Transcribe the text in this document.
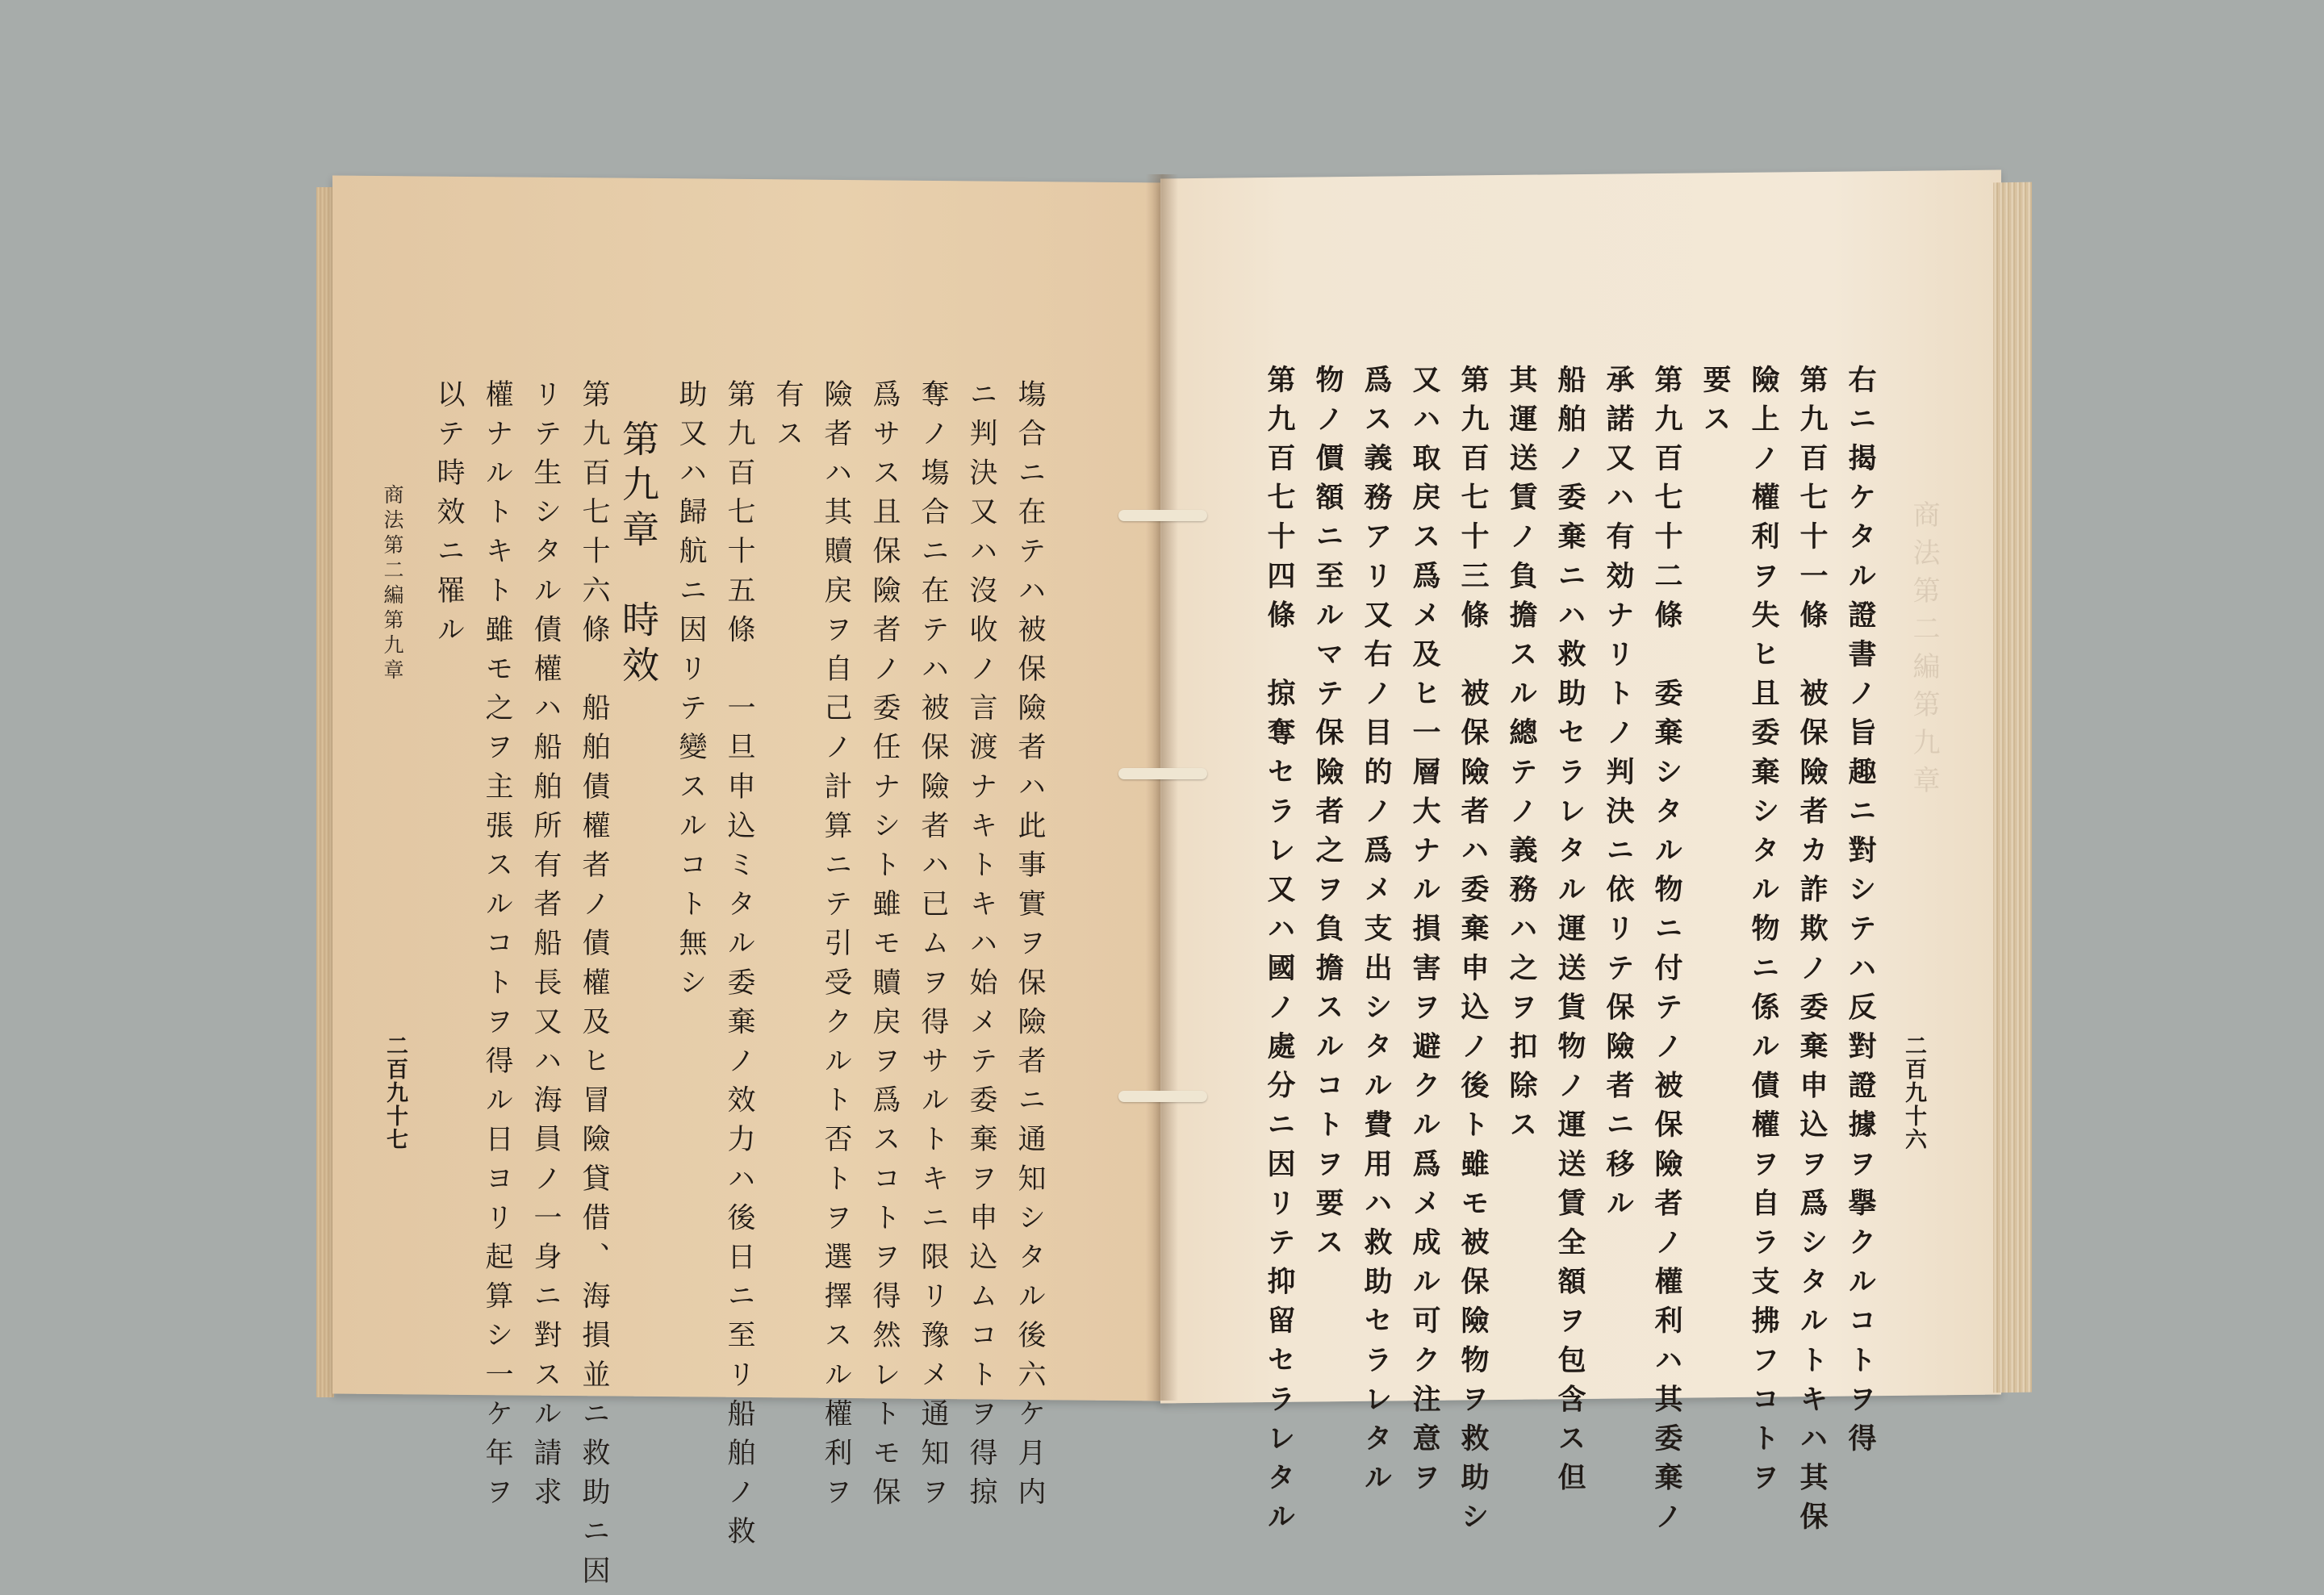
塲合ニ在テハ被保險者ハ此事實ヲ保險者ニ通知シタル後六ケ月内
ニ判決又ハ沒收ノ言渡ナキトキハ始メテ委棄ヲ申込ムコトヲ得掠
奪ノ塲合ニ在テハ被保險者ハ已ムヲ得サルトキニ限リ豫メ通知ヲ
爲サス且保險者ノ委任ナシト雖モ贖戻ヲ爲スコトヲ得然レトモ保
險者ハ其贖戻ヲ自己ノ計算ニテ引受クルト否トヲ選擇スル權利ヲ
有ス
第九百七十五條　一旦申込ミタル委棄ノ效力ハ後日ニ至リ船舶ノ救
助又ハ歸航ニ因リテ變スルコト無シ
第九章　時效
第九百七十六條　船舶債權者ノ債權及ヒ冒險貸借、海損並ニ救助ニ因
リテ生シタル債權ハ船舶所有者船長又ハ海員ノ一身ニ對スル請求
權ナルトキト雖モ之ヲ主張スルコトヲ得ル日ヨリ起算シ一ケ年ヲ
以テ時效ニ罹ル
商法第二編第九章
二百九十七
商法第二編第九章
二百九十六
右ニ揭ケタル證書ノ旨趣ニ對シテハ反對證據ヲ擧クルコトヲ得
第九百七十一條　被保險者カ詐欺ノ委棄申込ヲ爲シタルトキハ其保
險上ノ權利ヲ失ヒ且委棄シタル物ニ係ル債權ヲ自ラ支拂フコトヲ
要ス
第九百七十二條　委棄シタル物ニ付テノ被保險者ノ權利ハ其委棄ノ
承諾又ハ有効ナリトノ判決ニ依リテ保險者ニ移ル
船舶ノ委棄ニハ救助セラレタル運送貨物ノ運送賃全額ヲ包含ス但
其運送賃ノ負擔スル總テノ義務ハ之ヲ扣除ス
第九百七十三條　被保險者ハ委棄申込ノ後ト雖モ被保險物ヲ救助シ
又ハ取戻ス爲メ及ヒ一層大ナル損害ヲ避クル爲メ成ル可ク注意ヲ
爲ス義務アリ又右ノ目的ノ爲メ支出シタル費用ハ救助セラレタル
物ノ價額ニ至ルマテ保險者之ヲ負擔スルコトヲ要ス
第九百七十四條　掠奪セラレ又ハ國ノ處分ニ因リテ抑留セラレタル
